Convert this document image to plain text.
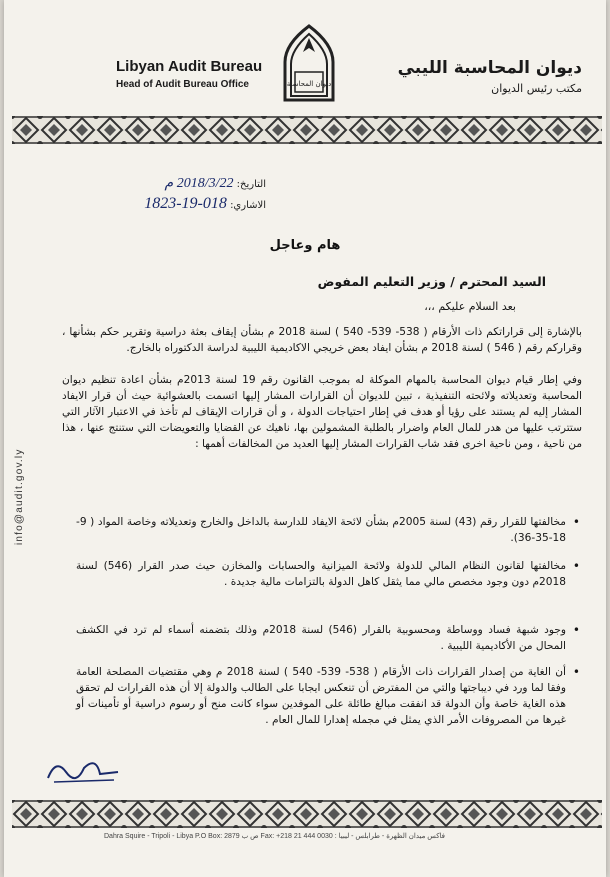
Libyan Audit Bureau
Head of Audit Bureau Office	ديوان المحاسبة
ديوان المحاسبة الليبي
مكتب رئيس الديوان
info@audit.gov.ly
التاريخ: 2018/3/22 م
الاشاري: 018-19-1823
هام وعاجل
السيد المحترم / وزير التعليم المفوض
بعد السلام عليكم ،،،
بالإشارة إلى قراراتكم ذات الأرقام ( 538- 539- 540 ) لسنة 2018 م بشأن إيقاف بعثة دراسية وتقرير حكم بشأنها ، وقراركم رقم ( 546 ) لسنة 2018 م بشأن ايفاد بعض خريجي الاكاديمية الليبية لدراسة الدكتوراه بالخارج.
وفي إطار قيام ديوان المحاسبة بالمهام الموكلة له بموجب القانون رقم 19 لسنة 2013م بشأن اعادة تنظيم ديوان المحاسبة وتعديلاته ولائحته التنفيذية ، تبين للديوان أن القرارات المشار إليها اتسمت بالعشوائية حيث أن قرار الايفاد المشار إليه لم يستند على رؤيا أو هدف في إطار احتياجات الدولة ، و أن قرارات الإيقاف لم تأخذ في الاعتبار الآثار التي ستترتب عليها من هدر للمال العام واضرار بالطلبة المشمولين بها، ناهيك عن القضايا والتعويضات التي ستنتج عنها ، هذا من ناحية ، ومن ناحية اخرى فقد شاب القرارات المشار إليها العديد من المخالفات أهمها :
• مخالفتها للقرار رقم (43) لسنة 2005م بشأن لائحة الايفاد للدارسة بالداخل والخارج وتعديلاته وخاصة المواد ( 9-18-35-36).
• مخالفتها لقانون النظام المالي للدولة ولائحة الميزانية والحسابات والمخازن حيث صدر القرار (546) لسنة 2018م دون وجود مخصص مالي مما يثقل كاهل الدولة بالتزامات مالية جديدة .
• وجود شبهة فساد ووساطة ومحسوبية بالقرار (546) لسنة 2018م وذلك بتضمنه أسماء لم ترد في الكشف المحال من الأكاديمية الليبية .
• أن الغاية من إصدار القرارات ذات الأرقام ( 538- 539- 540 ) لسنة 2018 م وهي مقتضيات المصلحة العامة وفقا لما ورد في ديباجتها والتي من المفترض أن تنعكس ايجابا على الطالب والدولة إلا أن هذه القرارات لم تحقق هذه الغاية خاصة وأن الدولة قد انفقت مبالغ طائلة على الموفدين سواء كانت منح أو رسوم دراسية أو تأمينات أو غيرها من المصروفات الأمر الذي يمثل في مجمله إهدارا للمال العام .
Dahra Squire - Tripoli - Libya P.O Box: 2879 ص ب Fax: +218 21 444 0030 : فاكس ميدان الظهرة - طرابلس - ليبيا
